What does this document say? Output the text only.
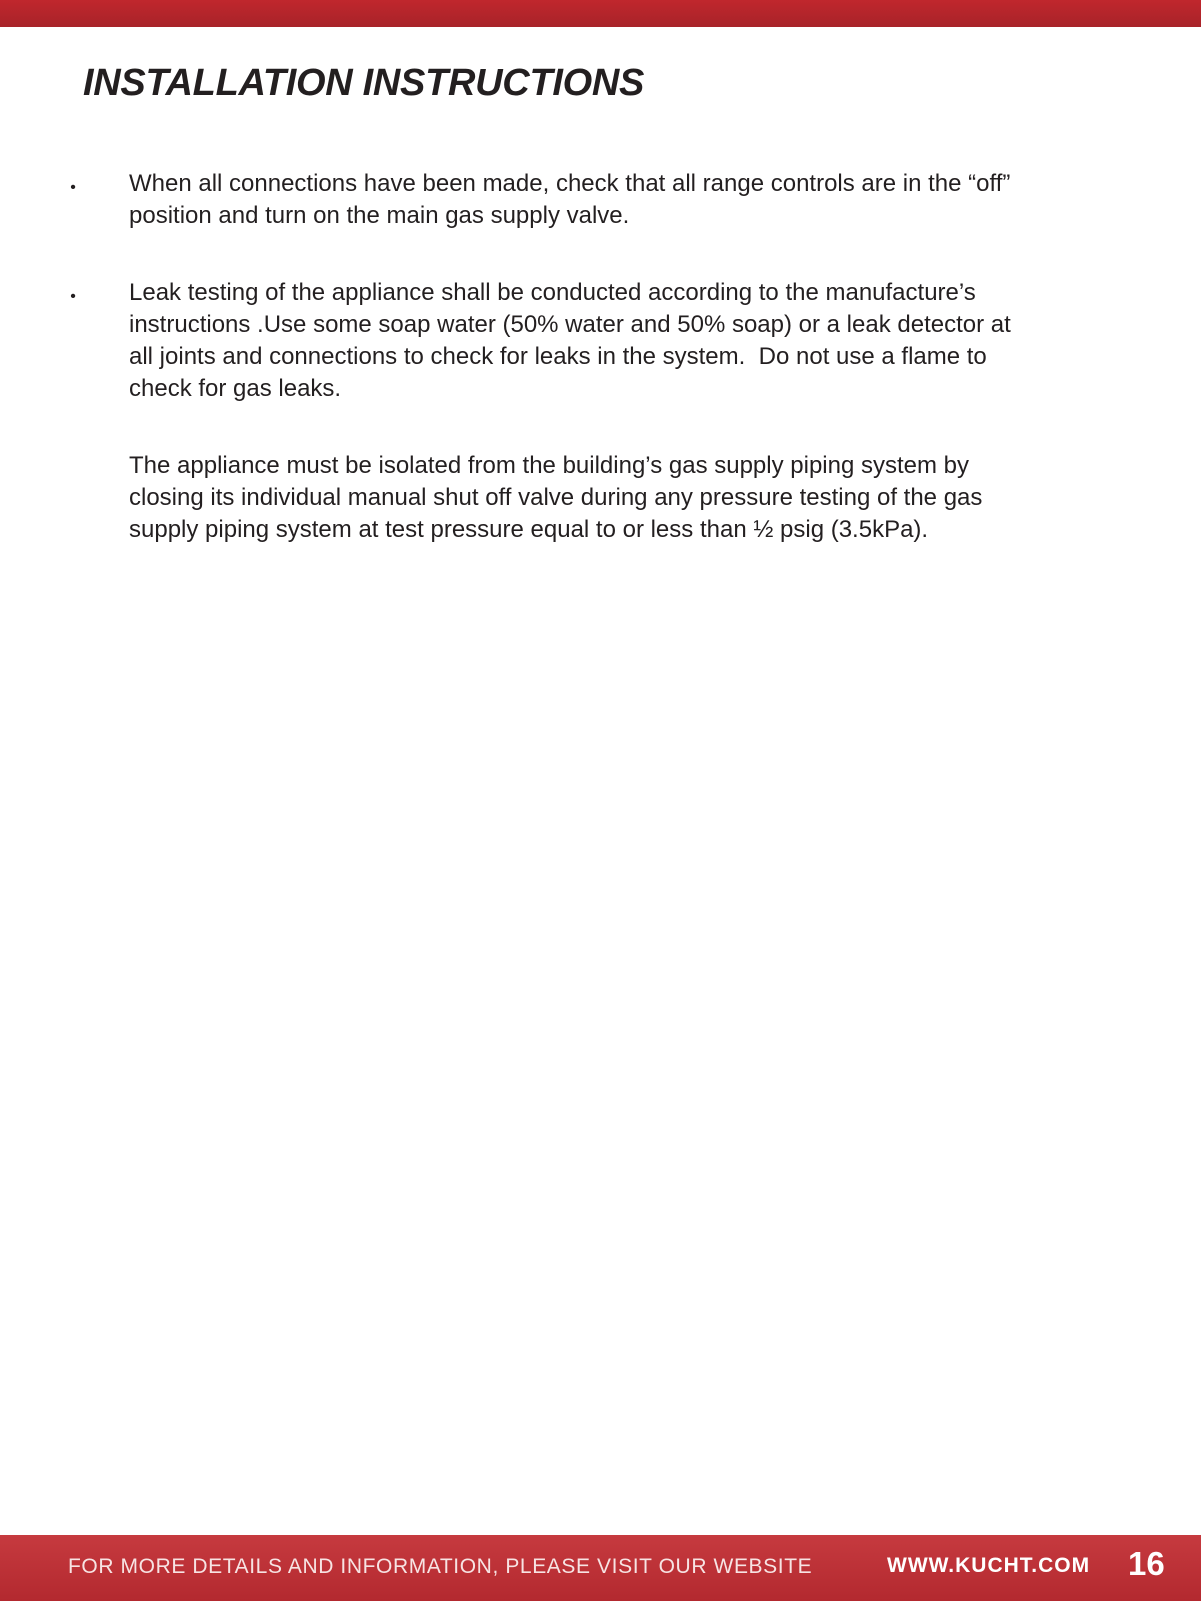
INSTALLATION INSTRUCTIONS
• When all connections have been made, check that all range controls are in the “off”
position and turn on the main gas supply valve.
• Leak testing of the appliance shall be conducted according to the manufacture’s
instructions .Use some soap water (50% water and 50% soap) or a leak detector at
all joints and connections to check for leaks in the system.  Do not use a flame to
check for gas leaks.
The appliance must be isolated from the building’s gas supply piping system by
closing its individual manual shut off valve during any pressure testing of the gas
supply piping system at test pressure equal to or less than ½ psig (3.5kPa).
FOR MORE DETAILS AND INFORMATION, PLEASE VISIT OUR WEBSITE	WWW.KUCHT.COM 16
